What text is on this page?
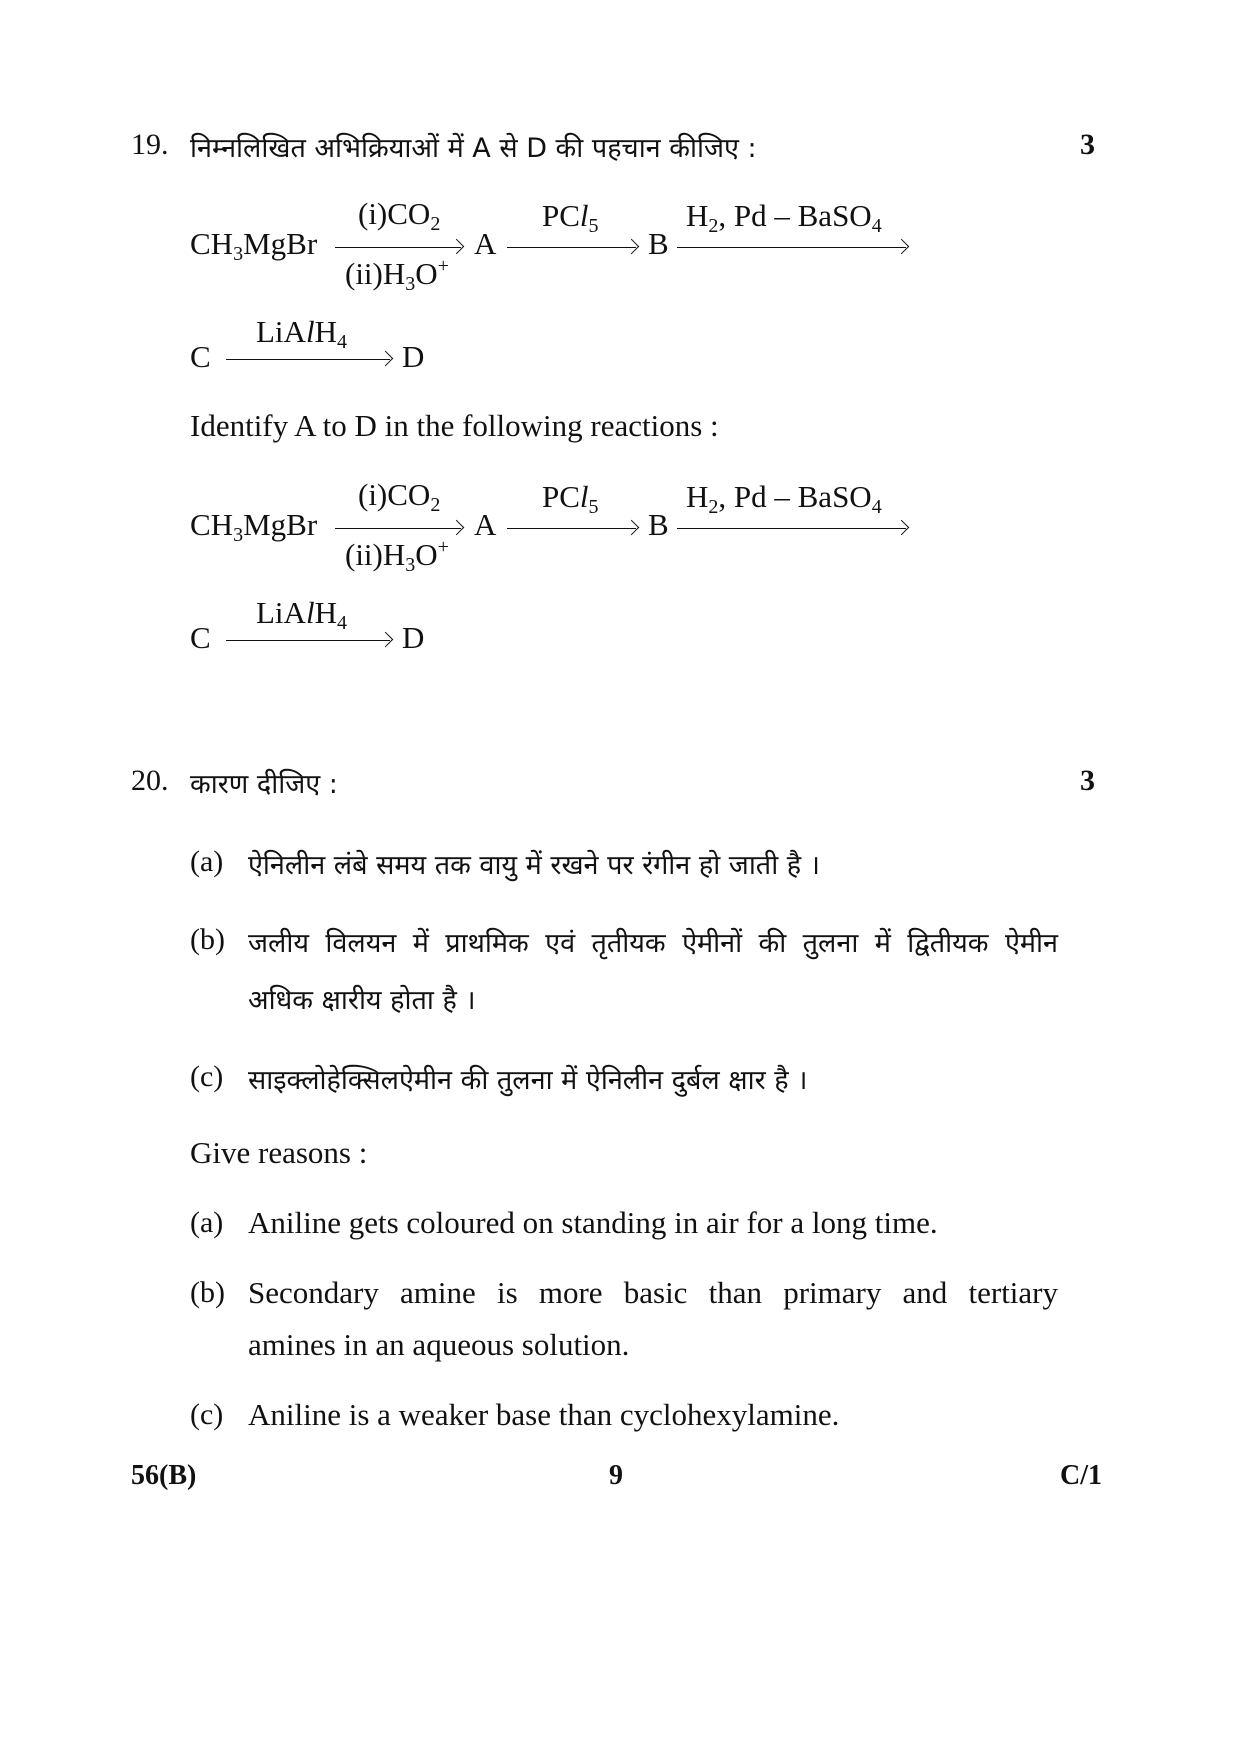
19. निम्नलिखित अभिक्रियाओं में A से D की पहचान कीजिए :	3
$CH_3MgBr$
$(i)CO_2$
$(ii)H_3O^+$
A
PCl$_5$ B
$H_2$, Pd – BaSO$_4$
C
LiAlH$_4$ D
Identify A to D in the following reactions :
$CH_3MgBr$
$(i)CO_2$
$(ii)H_3O^+$
A
PCl$_5$ B
$H_2$, Pd – BaSO$_4$
C
LiAlH$_4$ D
20. कारण दीजिए :	3
(a) ऐनिलीन लंबे समय तक वायु में रखने पर रंगीन हो जाती है ।
(b) जलीय विलयन में प्राथमिक एवं तृतीयक ऐमीनों की तुलना में द्वितीयक ऐमीन
अधिक क्षारीय होता है ।
(c) साइक्लोहेक्सिलऐमीन की तुलना में ऐनिलीन दुर्बल क्षार है ।
Give reasons :
(a) Aniline gets coloured on standing in air for a long time.
(b) Secondary amine is more basic than primary and tertiary
amines in an aqueous solution.
(c) Aniline is a weaker base than cyclohexylamine.
56(B)	9	C/1
